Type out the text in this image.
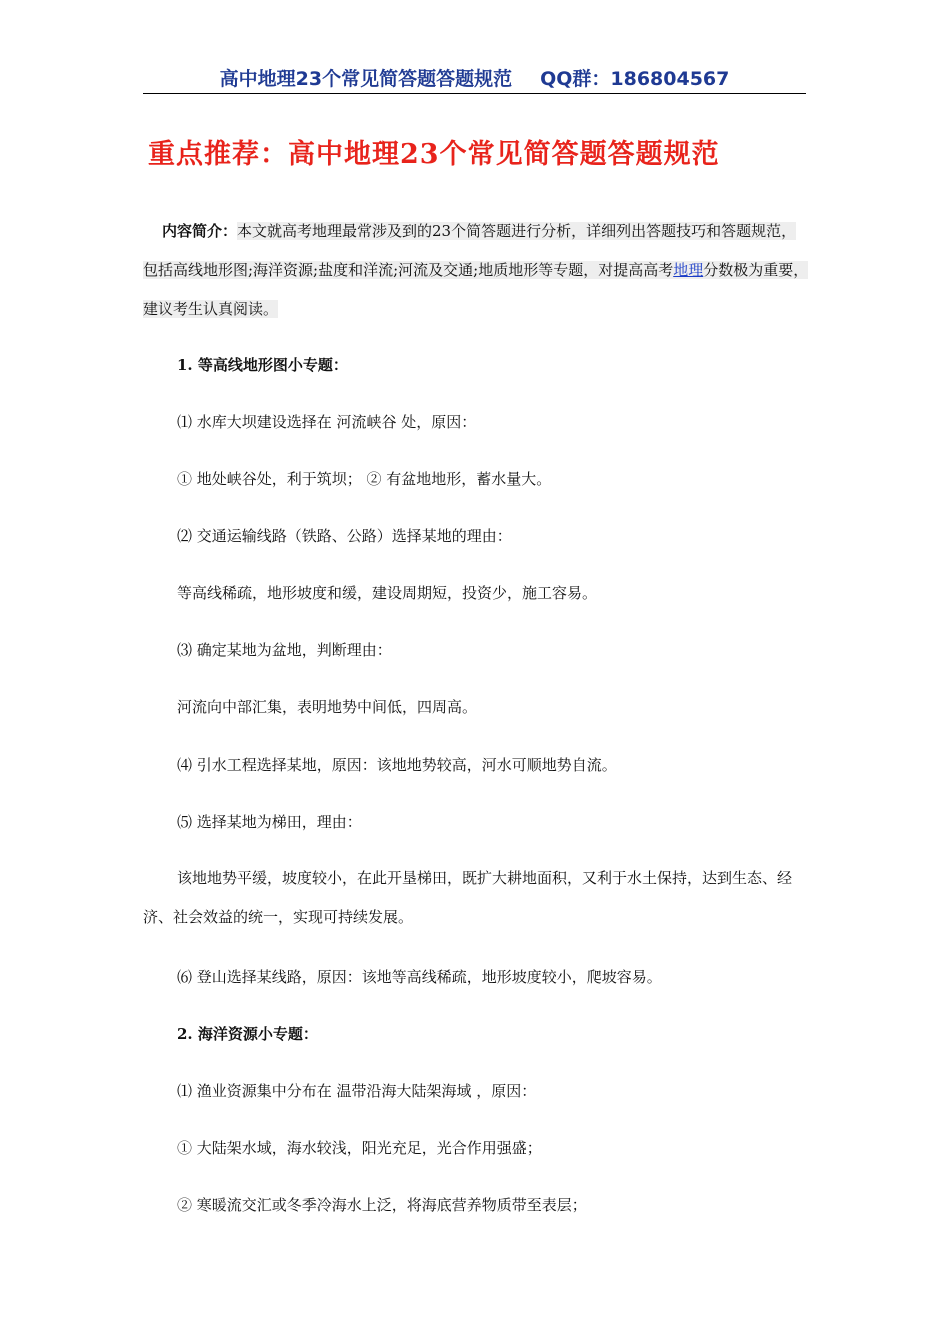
高中地理23个常见简答题答题规范 QQ群：186804567
重点推荐：高中地理23个常见简答题答题规范
内容简介：本文就高考地理最常涉及到的23个简答题进行分析，详细列出答题技巧和答题规范，包括高线地形图;海洋资源;盐度和洋流;河流及交通;地质地形等专题，对提高高考地理分数极为重要，建议考生认真阅读。
1. 等高线地形图小专题：
⑴ 水库大坝建设选择在 河流峡谷 处，原因：
① 地处峡谷处，利于筑坝； ② 有盆地地形，蓄水量大。
⑵ 交通运输线路（铁路、公路）选择某地的理由：
等高线稀疏，地形坡度和缓，建设周期短，投资少，施工容易。
⑶ 确定某地为盆地，判断理由：
河流向中部汇集，表明地势中间低，四周高。
⑷ 引水工程选择某地，原因：该地地势较高，河水可顺地势自流。
⑸ 选择某地为梯田，理由：
该地地势平缓，坡度较小，在此开垦梯田，既扩大耕地面积，又利于水土保持，达到生态、经济、社会效益的统一，实现可持续发展。
⑹ 登山选择某线路，原因：该地等高线稀疏，地形坡度较小，爬坡容易。
2. 海洋资源小专题：
⑴ 渔业资源集中分布在 温带沿海大陆架海域 ，原因：
① 大陆架水域，海水较浅，阳光充足，光合作用强盛；
② 寒暖流交汇或冬季冷海水上泛，将海底营养物质带至表层；
